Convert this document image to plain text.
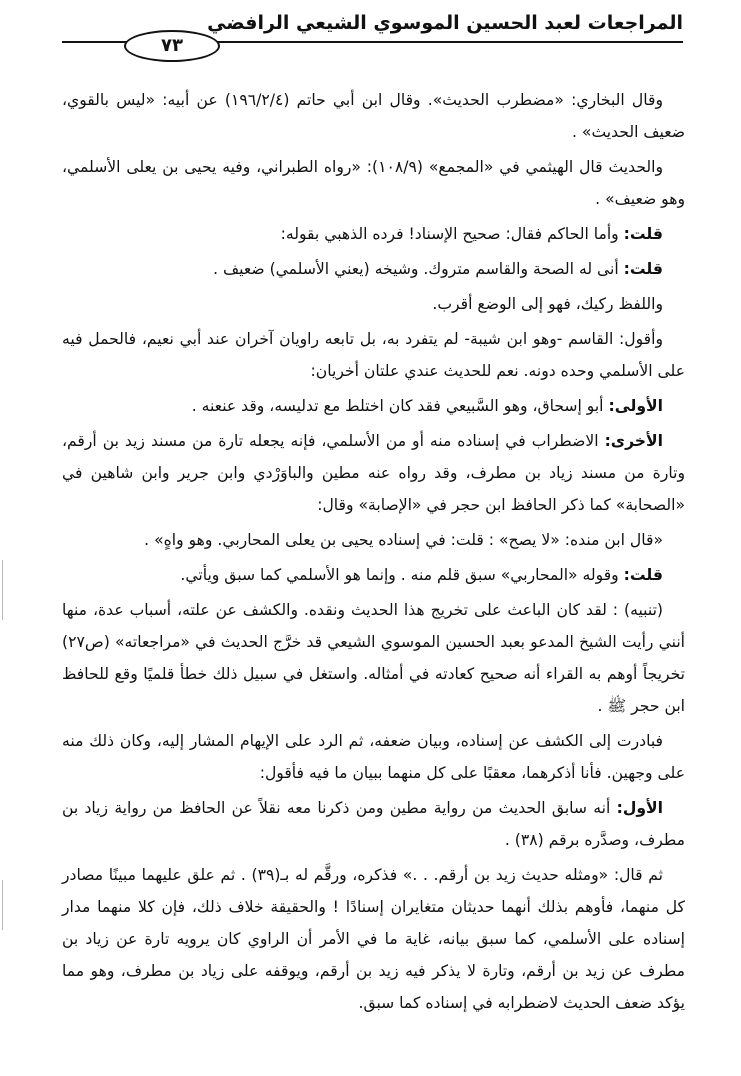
المراجعات لعبد الحسين الموسوي الشيعي الرافضي
٧٣

وقال البخاري: «مضطرب الحديث». وقال ابن أبي حاتم (١٩٦/٢/٤) عن أبيه: «ليس بالقوي، ضعيف الحديث» .

والحديث قال الهيثمي في «المجمع» (١٠٨/٩): «رواه الطبراني، وفيه يحيى بن يعلى الأسلمي، وهو ضعيف» .

قلت: وأما الحاكم فقال: صحيح الإسناد! فرده الذهبي بقوله:

قلت: أنى له الصحة والقاسم متروك. وشيخه (يعني الأسلمي) ضعيف .

واللفظ ركيك، فهو إلى الوضع أقرب.

وأقول: القاسم -وهو ابن شيبة- لم يتفرد به، بل تابعه راويان آخران عند أبي نعيم، فالحمل فيه على الأسلمي وحده دونه. نعم للحديث عندي علتان أخريان:

الأولى: أبو إسحاق، وهو السَّبيعي فقد كان اختلط مع تدليسه، وقد عنعنه .

الأخرى: الاضطراب في إسناده منه أو من الأسلمي، فإنه يجعله تارة من مسند زيد بن أرقم، وتارة من مسند زياد بن مطرف، وقد رواه عنه مطين والباوَرْدي وابن جرير وابن شاهين في «الصحابة» كما ذكر الحافظ ابن حجر في «الإصابة» وقال:

«قال ابن منده: «لا يصح» : قلت: في إسناده يحيى بن يعلى المحاربي. وهو واهٍ» .

قلت: وقوله «المحاربي» سبق قلم منه . وإنما هو الأسلمي كما سبق ويأتي.

(تنبيه) : لقد كان الباعث على تخريج هذا الحديث ونقده. والكشف عن علته، أسباب عدة، منها أنني رأيت الشيخ المدعو بعبد الحسين الموسوي الشيعي قد خرَّج الحديث في «مراجعاته» (ص٢٧) تخريجاً أوهم به القراء أنه صحيح كعادته في أمثاله. واستغل في سبيل ذلك خطأ قلميًا وقع للحافظ ابن حجر ﷺ .

فبادرت إلى الكشف عن إسناده، وبيان ضعفه، ثم الرد على الإيهام المشار إليه، وكان ذلك منه على وجهين. فأنا أذكرهما، معقبًا على كل منهما ببيان ما فيه فأقول:

الأول: أنه سابق الحديث من رواية مطين ومن ذكرنا معه نقلاً عن الحافظ من رواية زياد بن مطرف، وصدَّره برقم (٣٨) .

ثم قال: «ومثله حديث زيد بن أرقم. . .» فذكره، ورقَّم له بـ(٣٩) . ثم علق عليهما مبينًا مصادر كل منهما، فأوهم بذلك أنهما حديثان متغايران إسنادًا ! والحقيقة خلاف ذلك، فإن كلا منهما مدار إسناده على الأسلمي، كما سبق بيانه، غاية ما في الأمر أن الراوي كان يرويه تارة عن زياد بن مطرف عن زيد بن أرقم، وتارة لا يذكر فيه زيد بن أرقم، ويوقفه على زياد بن مطرف، وهو مما يؤكد ضعف الحديث لاضطرابه في إسناده كما سبق.
